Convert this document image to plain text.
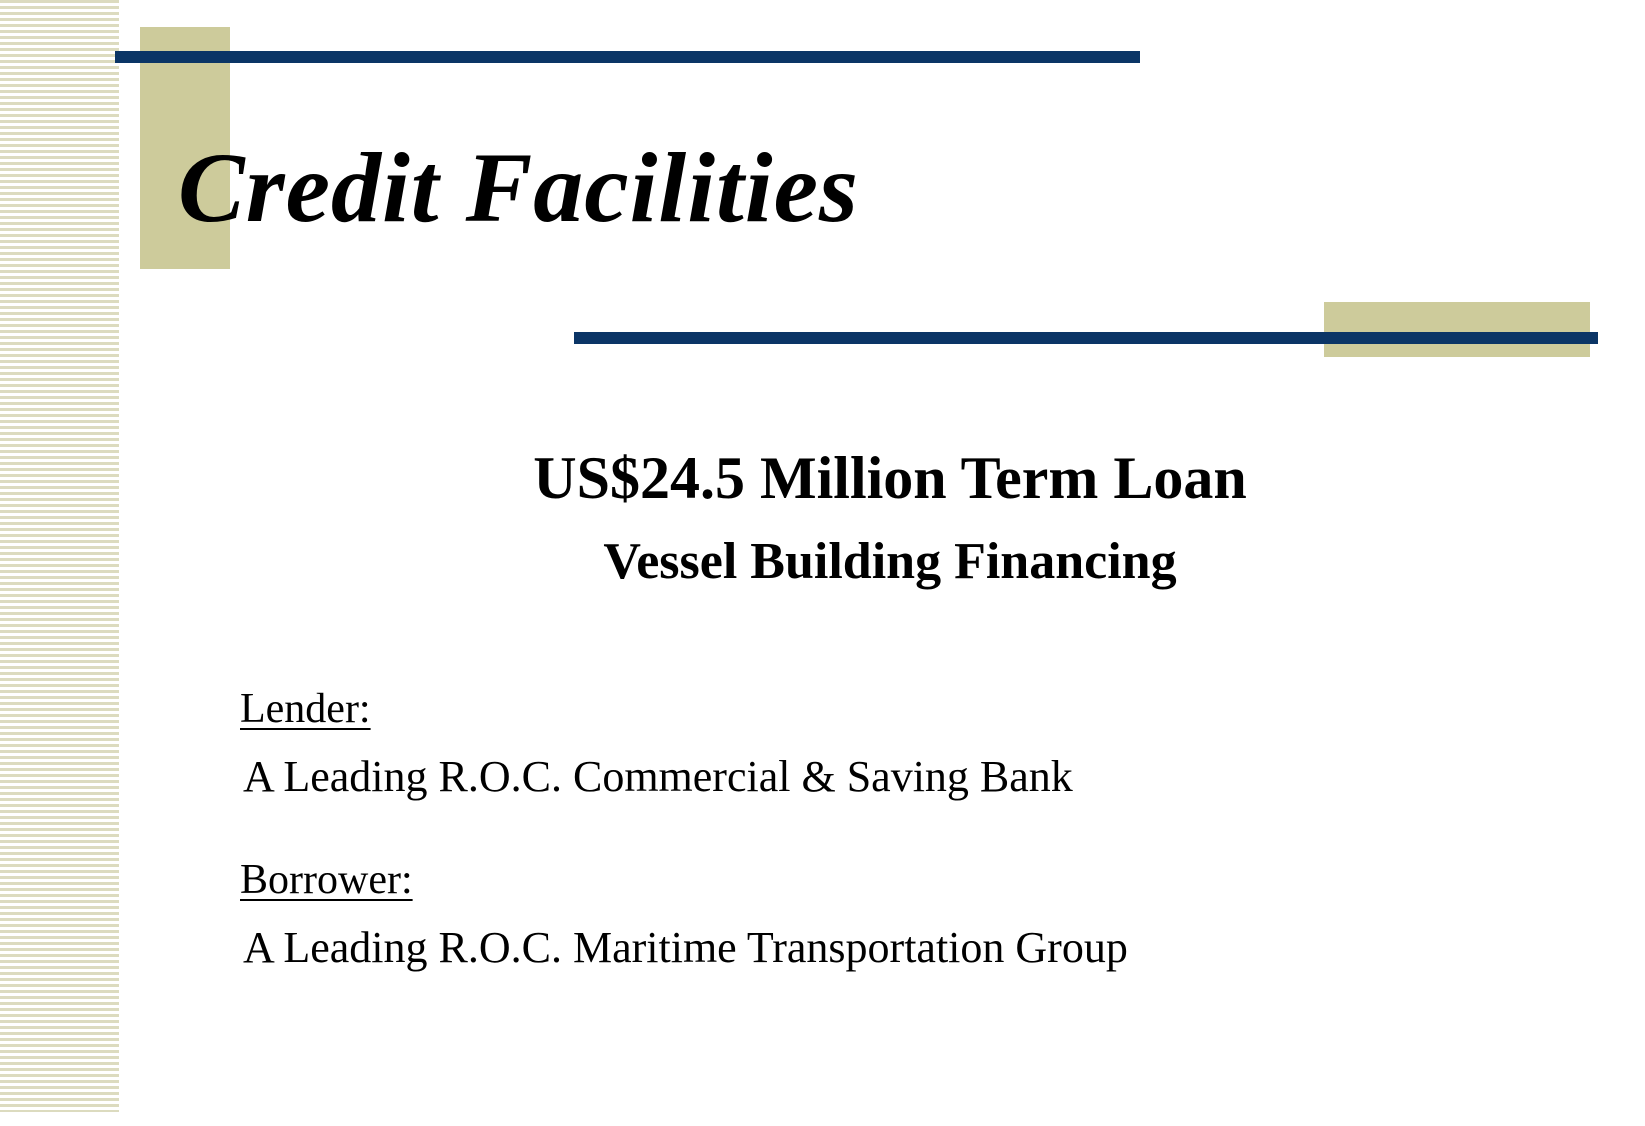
Credit Facilities
US$24.5 Million Term Loan
Vessel Building Financing

Lender:

A Leading R.O.C. Commercial & Saving Bank

Borrower:

A Leading R.O.C. Maritime Transportation Group
